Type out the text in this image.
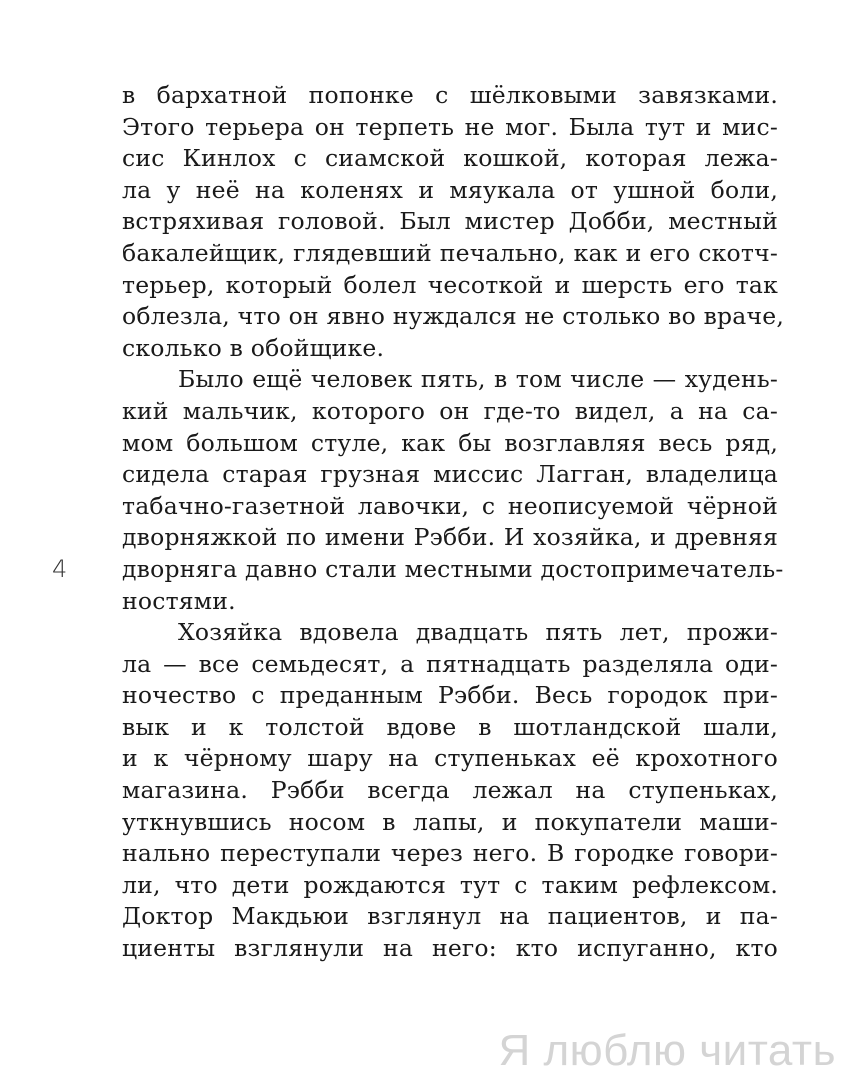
в бархатной попонке с шёлковыми завязками.
Этого терьера он терпеть не мог. Была тут и мис-
сис Кинлох с сиамской кошкой, которая лежа-
ла у неё на коленях и мяукала от ушной боли,
встряхивая головой. Был мистер Добби, местный
бакалейщик, глядевший печально, как и его скотч-
терьер, который болел чесоткой и шерсть его так
облезла, что он явно нуждался не столько во враче,
сколько в обойщике.
Было ещё человек пять, в том числе — худень-
кий мальчик, которого он где-то видел, а на са-
мом большом стуле, как бы возглавляя весь ряд,
сидела старая грузная миссис Лагган, владелица
табачно-газетной лавочки, с неописуемой чёрной
дворняжкой по имени Рэбби. И хозяйка, и древняя
дворняга давно стали местными достопримечатель-
ностями.
Хозяйка вдовела двадцать пять лет, прожи-
ла — все семьдесят, а пятнадцать разделяла оди-
ночество с преданным Рэбби. Весь городок при-
вык и к толстой вдове в шотландской шали,
и к чёрному шару на ступеньках её крохотного
магазина. Рэбби всегда лежал на ступеньках,
уткнувшись носом в лапы, и покупатели маши-
нально переступали через него. В городке говори-
ли, что дети рождаются тут с таким рефлексом.
Доктор Макдьюи взглянул на пациентов, и па-
циенты взглянули на него: кто испуганно, кто
4
Я люблю читать
